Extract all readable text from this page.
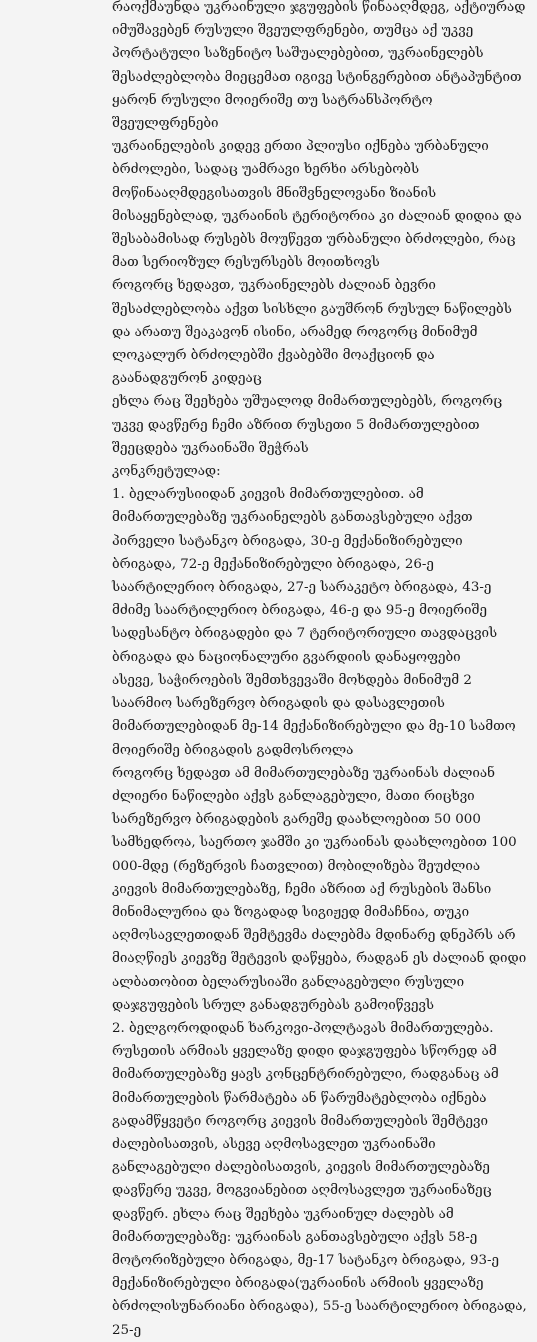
რაოქმაუნდა უკრაინული ჯგუფების წინააღმდეგ, აქტიურად იმუშავებენ რუსული შვეულფრენები, თუმცა აქ უკვე პორტატული საზენიტო საშუალებებით, უკრაინელებს შესაძლებლობა მიეცემათ იგივე სტინგერებით ანტაპუნტით ყარონ რუსული მოიერიშე თუ სატრანსპორტო შვეულფრენები

უკრაინელების კიდევ ერთი პლიუსი იქნება ურბანული ბრძოლები, სადაც უამრავი ხერხი არსებობს მოწინააღმდეგისათვის მნიშვნელოვანი ზიანის მისაყენებლად, უკრაინის ტერიტორია კი ძალიან დიდია და შესაბამისად რუსებს მოუწევთ ურბანული ბრძოლები, რაც მათ სერიოზულ რესურსებს მოითხოვს

როგორც ხედავთ, უკრაინელებს ძალიან ბევრი შესაძლებლობა აქვთ სისხლი გაუშრონ რუსულ ნაწილებს და არათუ შეაკავონ ისინი, არამედ როგორც მინიმუმ ლოკალურ ბრძოლებში ქვაბებში მოაქციონ და გაანადგურონ კიდეაც

ეხლა რაც შეეხება უშუალოდ მიმართულებებს, როგორც უკვე დავწერე ჩემი აზრით რუსეთი 5 მიმართულებით შეეცდება უკრაინაში შეჭრას

კონკრეტულად:

1. ბელარუსიიდან კიევის მიმართულებით. ამ მიმართულებაზე უკრაინელებს განთავსებული აქვთ პირველი სატანკო ბრიგადა, 30-ე მექანიზირებული ბრიგადა, 72-ე მექანიზირებული ბრიგადა, 26-ე საარტილერიო ბრიგადა, 27-ე სარაკეტო ბრიგადა, 43-ე მძიმე საარტილერიო ბრიგადა, 46-ე და 95-ე მოიერიშე სადესანტო ბრიგადები და 7 ტერიტორიული თავდაცვის ბრიგადა და ნაციონალური გვარდიის დანაყოფები

ასევე, საჭიროების შემთხვევაში მოხდება მინიმუმ 2 საარმიო სარეზერვო ბრიგადის და დასავლეთის მიმართულებიდან მე-14 მექანიზირებული და მე-10 სამთო მოიერიშე ბრიგადის გადმოსროლა

როგორც ხედავთ ამ მიმართულებაზე უკრაინას ძალიან ძლიერი ნაწილები აქვს განლაგებული, მათი რიცხვი სარეზერვო ბრიგადების გარეშე დაახლოებით 50 000 სამხედროა, საერთო ჯამში კი უკრაინას დაახლოებით 100 000-მდე (რეზერვის ჩათვლით) მობილიზება შეუძლია კიევის მიმართულებაზე, ჩემი აზრით აქ რუსების შანსი მინიმალურია და ზოგადად სიგიჟედ მიმაჩნია, თუკი აღმოსავლეთიდან შემტევმა ძალებმა მდინარე დნეპრს არ მიაღწიეს კიევზე შეტევის დაწყება, რადგან ეს ძალიან დიდი ალბათობით ბელარუსიაში განლაგებული რუსული დაჯგუფების სრულ განადგურებას გამოიწვევს

2. ბელგოროდიდან ხარკოვი-პოლტავას მიმართულება. რუსეთის არმიას ყველაზე დიდი დაჯგუფება სწორედ ამ მიმართულებაზე ყავს კონცენტრირებული, რადგანაც ამ მიმართულების წარმატება ან წარუმატებლობა იქნება გადამწყვეტი როგორც კიევის მიმართულების შემტევი ძალებისათვის, ასევე აღმოსავლეთ უკრაინაში განლაგებული ძალებისათვის, კიევის მიმართულებაზე დავწერე უკვე, მოგვიანებით აღმოსავლეთ უკრაინაზეც დავწერ. ეხლა რაც შეეხება უკრაინულ ძალებს ამ მიმართულებაზე: უკრაინას განთავსებული აქვს 58-ე მოტორიზებული ბრიგადა, მე-17 სატანკო ბრიგადა, 93-ე მექანიზირებული ბრიგადა(უკრაინის არმიის ყველაზე ბრძოლისუნარიანი ბრიგადა), 55-ე საარტილერიო ბრიგადა, 25-ე
